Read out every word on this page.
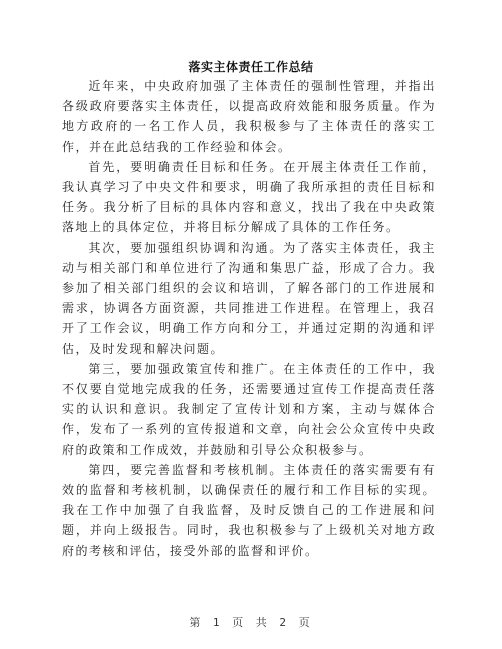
落实主体责任工作总结

近年来，中央政府加强了主体责任的强制性管理，并指出各级政府要落实主体责任，以提高政府效能和服务质量。作为地方政府的一名工作人员，我积极参与了主体责任的落实工作，并在此总结我的工作经验和体会。

首先，要明确责任目标和任务。在开展主体责任工作前，我认真学习了中央文件和要求，明确了我所承担的责任目标和任务。我分析了目标的具体内容和意义，找出了我在中央政策落地上的具体定位，并将目标分解成了具体的工作任务。

其次，要加强组织协调和沟通。为了落实主体责任，我主动与相关部门和单位进行了沟通和集思广益，形成了合力。我参加了相关部门组织的会议和培训，了解各部门的工作进展和需求，协调各方面资源，共同推进工作进程。在管理上，我召开了工作会议，明确工作方向和分工，并通过定期的沟通和评估，及时发现和解决问题。

第三，要加强政策宣传和推广。在主体责任的工作中，我不仅要自觉地完成我的任务，还需要通过宣传工作提高责任落实的认识和意识。我制定了宣传计划和方案，主动与媒体合作，发布了一系列的宣传报道和文章，向社会公众宣传中央政府的政策和工作成效，并鼓励和引导公众积极参与。

第四，要完善监督和考核机制。主体责任的落实需要有有效的监督和考核机制，以确保责任的履行和工作目标的实现。我在工作中加强了自我监督，及时反馈自己的工作进展和问题，并向上级报告。同时，我也积极参与了上级机关对地方政府的考核和评估，接受外部的监督和评价。

第 1 页 共 2 页
